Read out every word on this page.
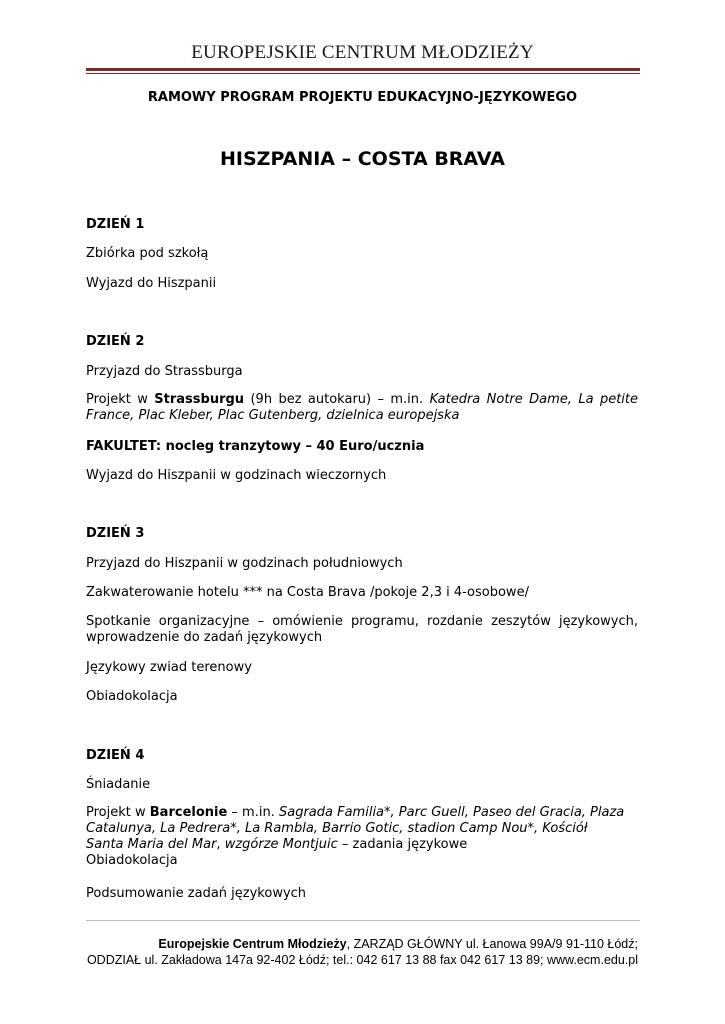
EUROPEJSKIE CENTRUM MŁODZIEŻY
RAMOWY PROGRAM PROJEKTU EDUKACYJNO-JĘZYKOWEGO
HISZPANIA – COSTA BRAVA

DZIEŃ 1

Zbiórka pod szkołą

Wyjazd do Hiszpanii

DZIEŃ 2

Przyjazd do Strassburga

Projekt w Strassburgu (9h bez autokaru) – m.in. Katedra Notre Dame, La petite France, Plac Kleber, Plac Gutenberg, dzielnica europejska

FAKULTET: nocleg tranzytowy – 40 Euro/ucznia

Wyjazd do Hiszpanii w godzinach wieczornych

DZIEŃ 3

Przyjazd do Hiszpanii w godzinach południowych

Zakwaterowanie hotelu *** na Costa Brava /pokoje 2,3 i 4-osobowe/

Spotkanie organizacyjne – omówienie programu, rozdanie zeszytów językowych, wprowadzenie do zadań językowych

Językowy zwiad terenowy

Obiadokolacja

DZIEŃ 4

Śniadanie

Projekt w Barcelonie – m.in. Sagrada Familia*, Parc Guell, Paseo del Gracia, Plaza Catalunya, La Pedrera*, La Rambla, Barrio Gotic, stadion Camp Nou*, Kościół Santa Maria del Mar, wzgórze Montjuic – zadania językowe

Obiadokolacja

Podsumowanie zadań językowych

Europejskie Centrum Młodzieży, ZARZĄD GŁÓWNY ul. Łanowa 99A/9 91-110 Łódź;

ODDZIAŁ ul. Zakładowa 147a 92-402 Łódź; tel.: 042 617 13 88 fax 042 617 13 89; www.ecm.edu.pl
